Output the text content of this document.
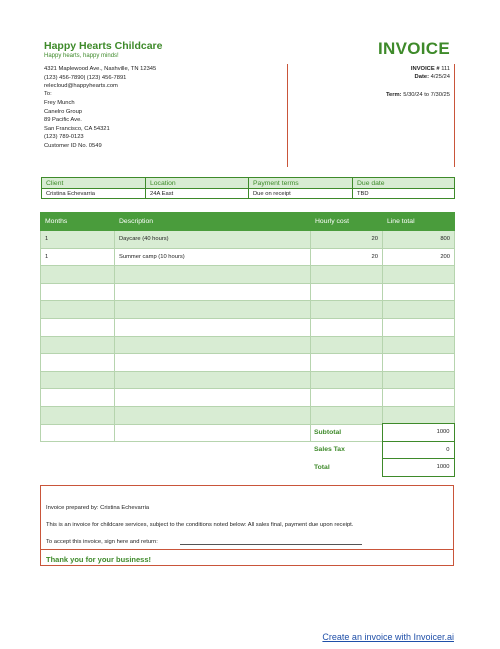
Happy Hearts Childcare
Happy hearts, happy minds!
4321 Maplewood Ave., Nashville, TN 12345
(123) 456-7890| (123) 456-7891
relecloud@happyhearts.com
To:
Frey Munch
Canelro Group
89 Pacific Ave.
San Francisco, CA 54321
(123) 789-0123
Customer ID No. 0549
INVOICE
INVOICE # 111
Date: 4/25/24
Term: 5/30/24 to 7/30/25
Client	Location	Payment terms	Due date
Cristina Echevarria	24A East	Due on receipt	TBD
Months	Description	Hourly cost	Line total
1	Daycare (40 hours)	20	800
1	Summer camp (10 hours)	20	200

Subtotal	1000
Sales Tax	0
Total	1000
Invoice prepared by: Cristina Echevarria
This is an invoice for childcare services, subject to the conditions noted below: All sales final, payment due upon receipt.
To accept this invoice, sign here and return:
Thank you for your business!
Create an invoice with Invoicer.ai
